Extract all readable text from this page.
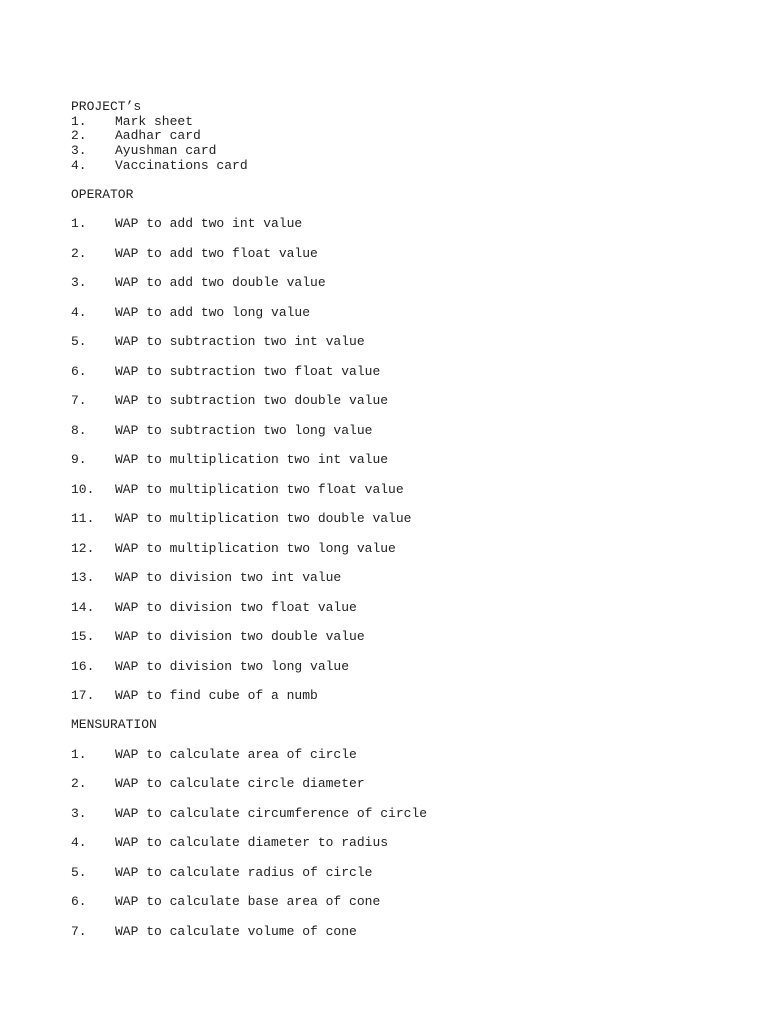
PROJECT’s
1.	Mark sheet
2.	Aadhar card
3.	Ayushman card
4.	Vaccinations card
OPERATOR
1.	WAP to add two int value
2.	WAP to add two float value
3.	WAP to add two double value
4.	WAP to add two long value
5.	WAP to subtraction two int value
6.	WAP to subtraction two float value
7.	WAP to subtraction two double value
8.	WAP to subtraction two long value
9.	WAP to multiplication two int value
10.	WAP to multiplication two float value
11.	WAP to multiplication two double value
12.	WAP to multiplication two long value
13.	WAP to division two int value
14.	WAP to division two float value
15.	WAP to division two double value
16.	WAP to division two long value
17.	WAP to find cube of a numb
MENSURATION
1.	WAP to calculate area of circle
2.	WAP to calculate circle diameter
3.	WAP to calculate circumference of circle
4.	WAP to calculate diameter to radius
5.	WAP to calculate radius of circle
6.	WAP to calculate base area of cone
7.	WAP to calculate volume of cone
